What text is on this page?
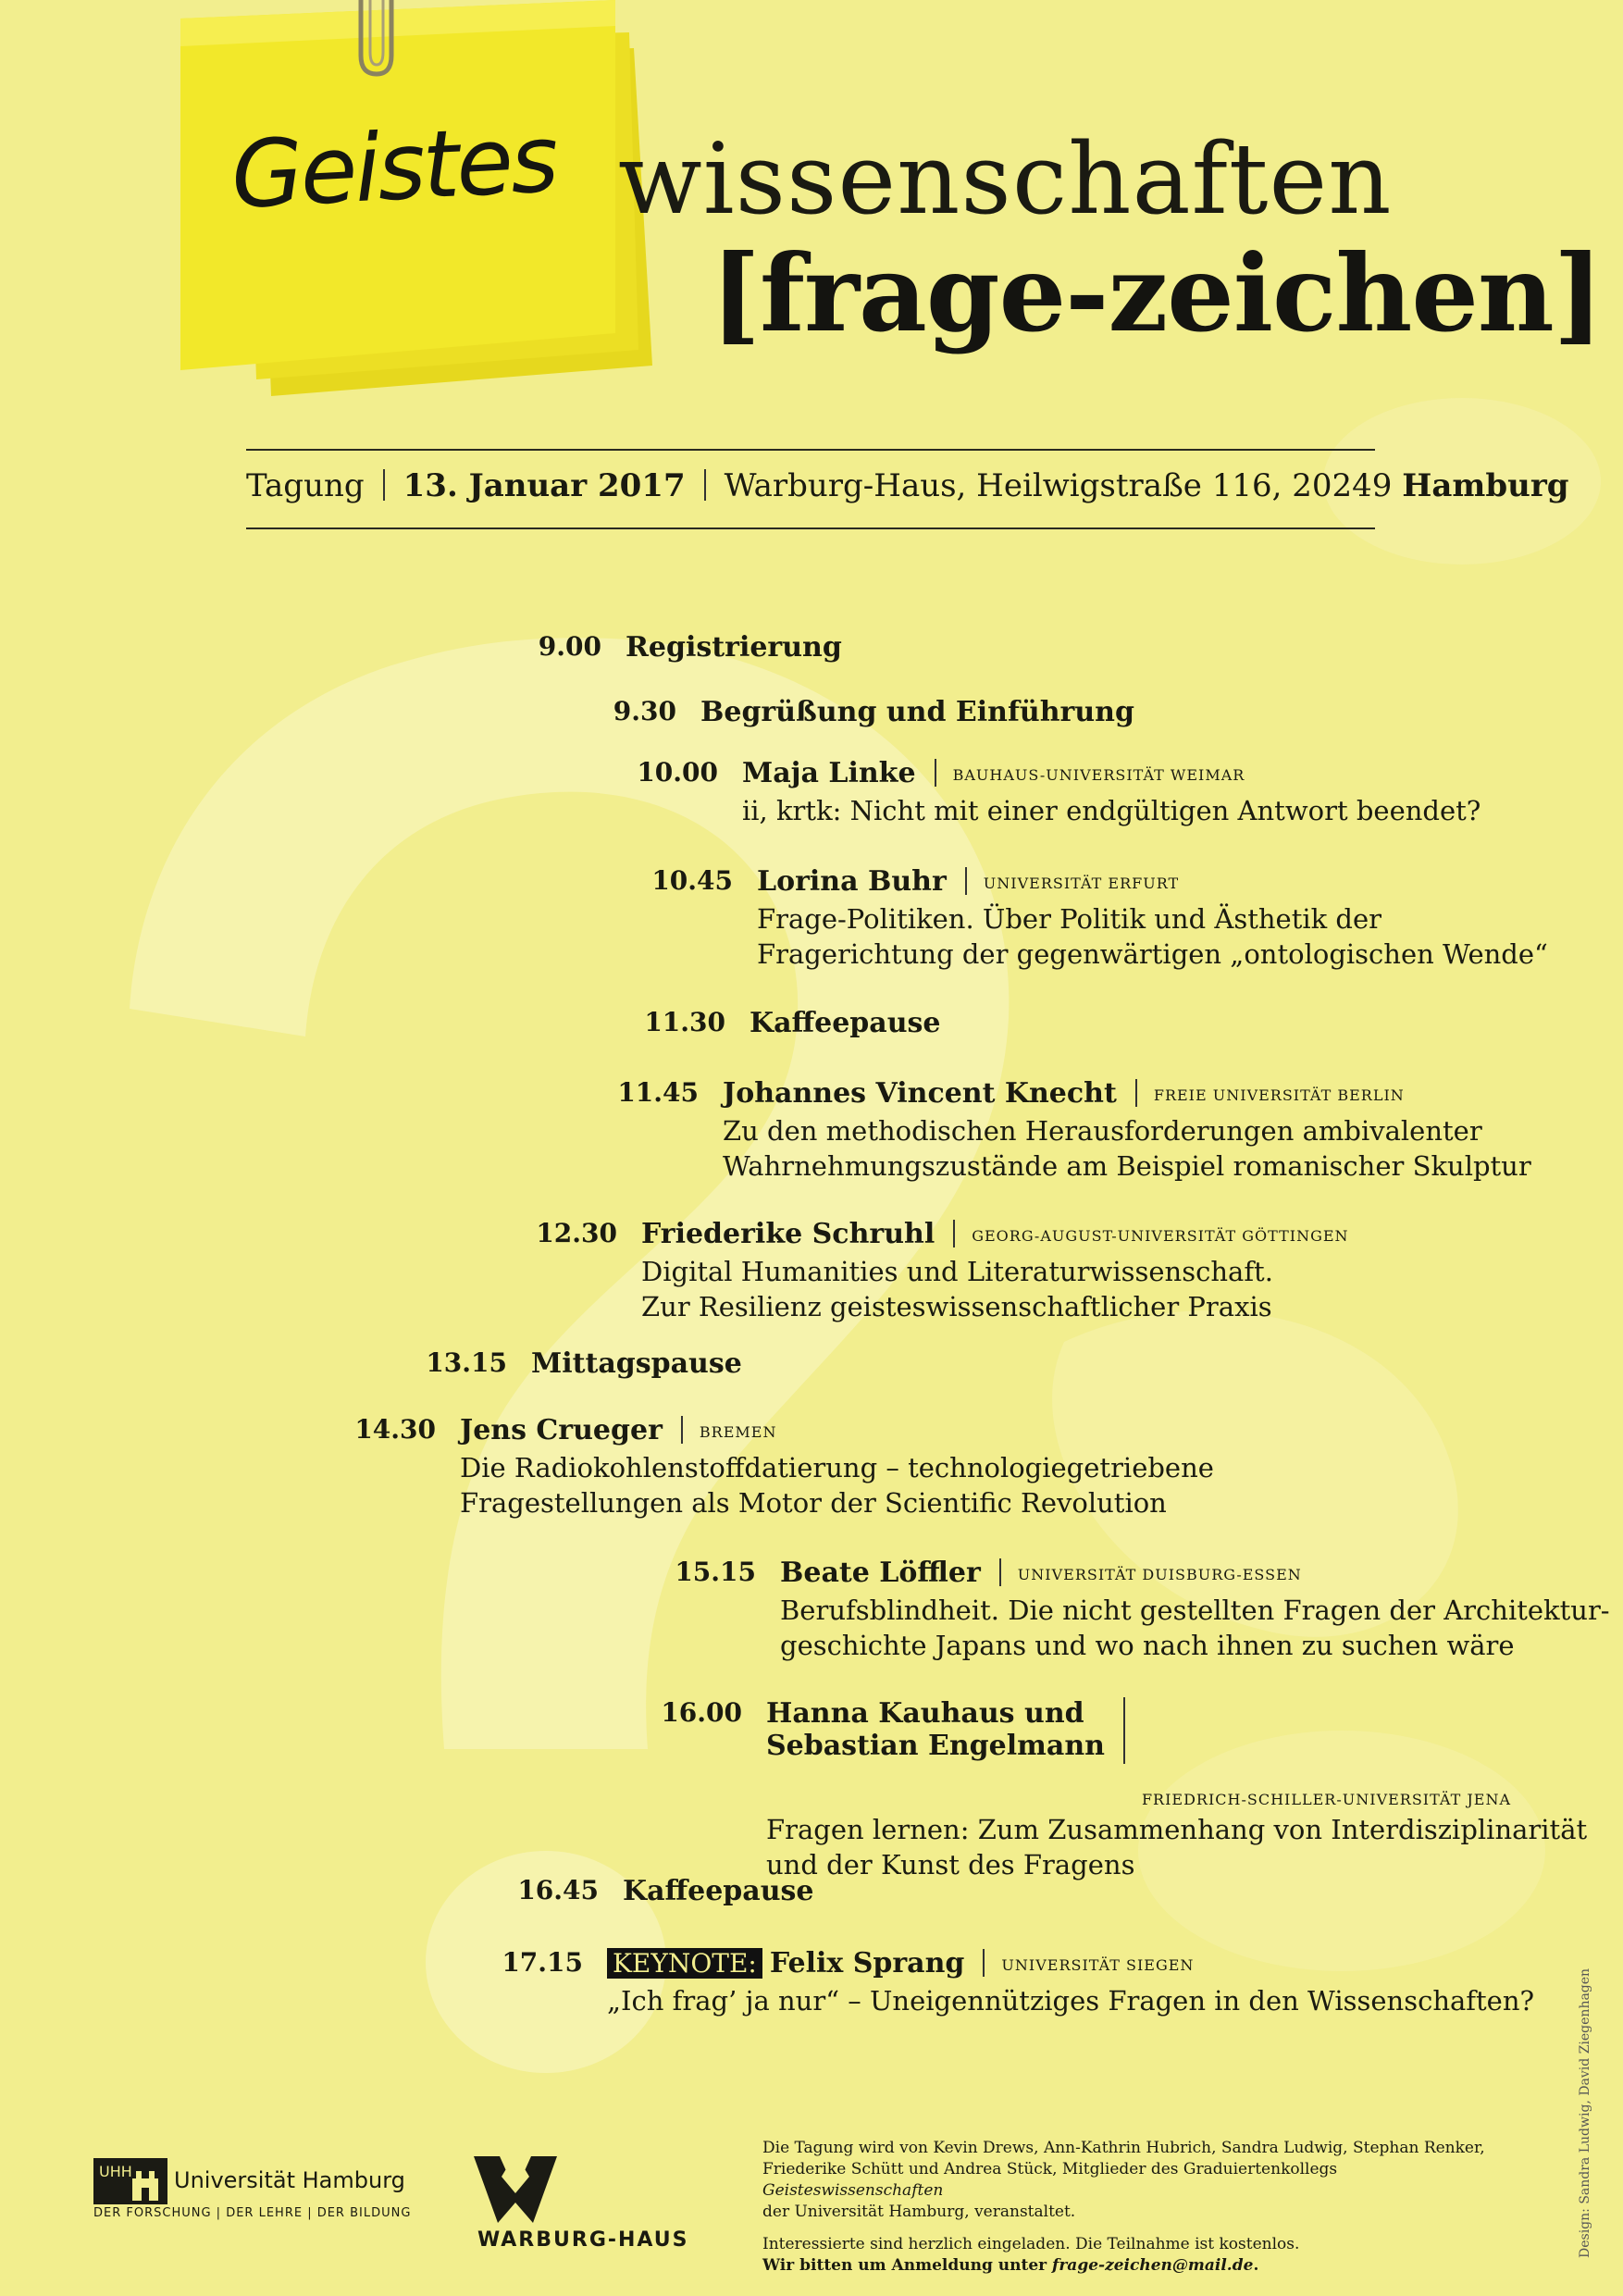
Geistes wissenschaften
[frage-zeichen]
Tagung 13. Januar 2017 Warburg-Haus, Heilwigstraße 116, 20249 Hamburg
9.00 Registrierung
9.30 Begrüßung und Einführung
10.00 Maja Linke	BAUHAUS-UNIVERSITÄT WEIMAR
ii, krtk: Nicht mit einer endgültigen Antwort beendet?
10.45 Lorina Buhr	UNIVERSITÄT ERFURT
Frage-Politiken. Über Politik und Ästhetik der
Fragerichtung der gegenwärtigen „ontologischen Wende“
11.30 Kaffeepause
11.45 Johannes Vincent Knecht	FREIE UNIVERSITÄT BERLIN
Zu den methodischen Herausforderungen ambivalenter
Wahrnehmungszustände am Beispiel romanischer Skulptur
12.30 Friederike Schruhl	GEORG-AUGUST-UNIVERSITÄT GÖTTINGEN
Digital Humanities und Literaturwissenschaft.
Zur Resilienz geisteswissenschaftlicher Praxis
13.15 Mittagspause
14.30 Jens Crueger	BREMEN
Die Radiokohlenstoffdatierung – technologiegetriebene
Fragestellungen als Motor der Scientific Revolution
15.15 Beate Löffler	UNIVERSITÄT DUISBURG-ESSEN
Berufsblindheit. Die nicht gestellten Fragen der Architektur-
geschichte Japans und wo nach ihnen zu suchen wäre
16.00 Hanna Kauhaus und
Sebastian Engelmann
$_{FRIEDRICH-SCHILLER-UNIVERSITÄT JENA}$
Fragen lernen: Zum Zusammenhang von Interdisziplinarität
und der Kunst des Fragens
16.45 Kaffeepause
17.15 KEYNOTE: Felix Sprang	UNIVERSITÄT SIEGEN
„Ich frag’ ja nur“ – Uneigennütziges Fragen in den Wissenschaften?
UHH Universität Hamburg
DER FORSCHUNG | DER LEHRE | DER BILDUNG
WARBURG-HAUS

Die Tagung wird von Kevin Drews, Ann-Kathrin Hubrich, Sandra Ludwig, Stephan Renker,
Friederike Schütt und Andrea Stück, Mitglieder des Graduiertenkollegs Geisteswissenschaften
der Universität Hamburg, veranstaltet.

Interessierte sind herzlich eingeladen. Die Teilnahme ist kostenlos.
Wir bitten um Anmeldung unter frage-zeichen@mail.de.

Design: Sandra Ludwig, David Ziegenhagen
